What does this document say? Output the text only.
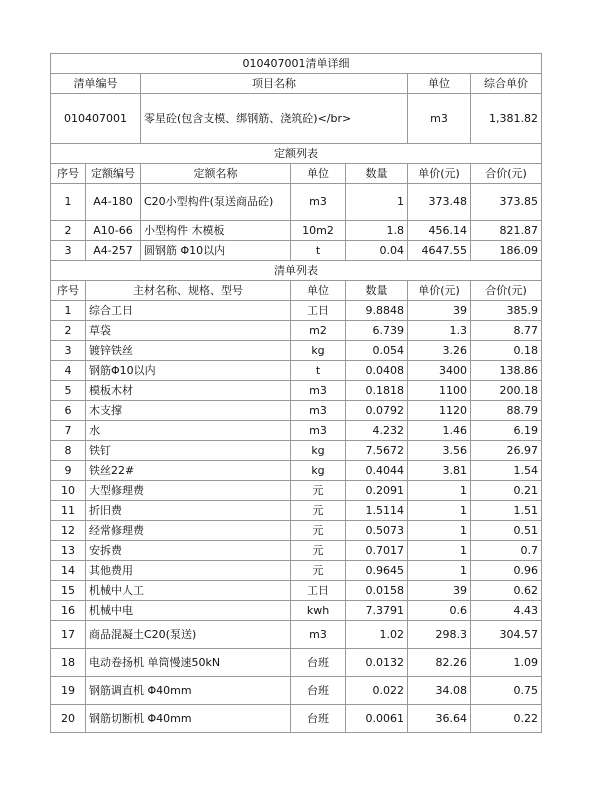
010407001清单详细						
清单编号		项目名称			单位	综合单价
010407001		零星砼(包含支模、绑钢筋、浇筑砼)</br>			m3	1,381.82
定额列表						
序号	定额编号	定额名称	单位	数量	单价(元)	合价(元)
1	A4-180	C20小型构件(泵送商品砼)	m3	1	373.48	373.85
2	A10-66	小型构件 木模板	10m2	1.8	456.14	821.87
3	A4-257	圆钢筋 Φ10以内	t	0.04	4647.55	186.09
清单列表						
序号	主材名称、规格、型号		单位	数量	单价(元)	合价(元)
1	综合工日		工日	9.8848	39	385.9
2	草袋		m2	6.739	1.3	8.77
3	镀锌铁丝		kg	0.054	3.26	0.18
4	钢筋Φ10以内		t	0.0408	3400	138.86
5	模板木材		m3	0.1818	1100	200.18
6	木支撑		m3	0.0792	1120	88.79
7	水		m3	4.232	1.46	6.19
8	铁钉		kg	7.5672	3.56	26.97
9	铁丝22#		kg	0.4044	3.81	1.54
10	大型修理费		元	0.2091	1	0.21
11	折旧费		元	1.5114	1	1.51
12	经常修理费		元	0.5073	1	0.51
13	安拆费		元	0.7017	1	0.7
14	其他费用		元	0.9645	1	0.96
15	机械中人工		工日	0.0158	39	0.62
16	机械中电		kwh	7.3791	0.6	4.43
17	商品混凝土C20(泵送)		m3	1.02	298.3	304.57
18	电动卷扬机 单筒慢速50kN		台班	0.0132	82.26	1.09
19	钢筋调直机 Φ40mm		台班	0.022	34.08	0.75
20	钢筋切断机 Φ40mm		台班	0.0061	36.64	0.22
